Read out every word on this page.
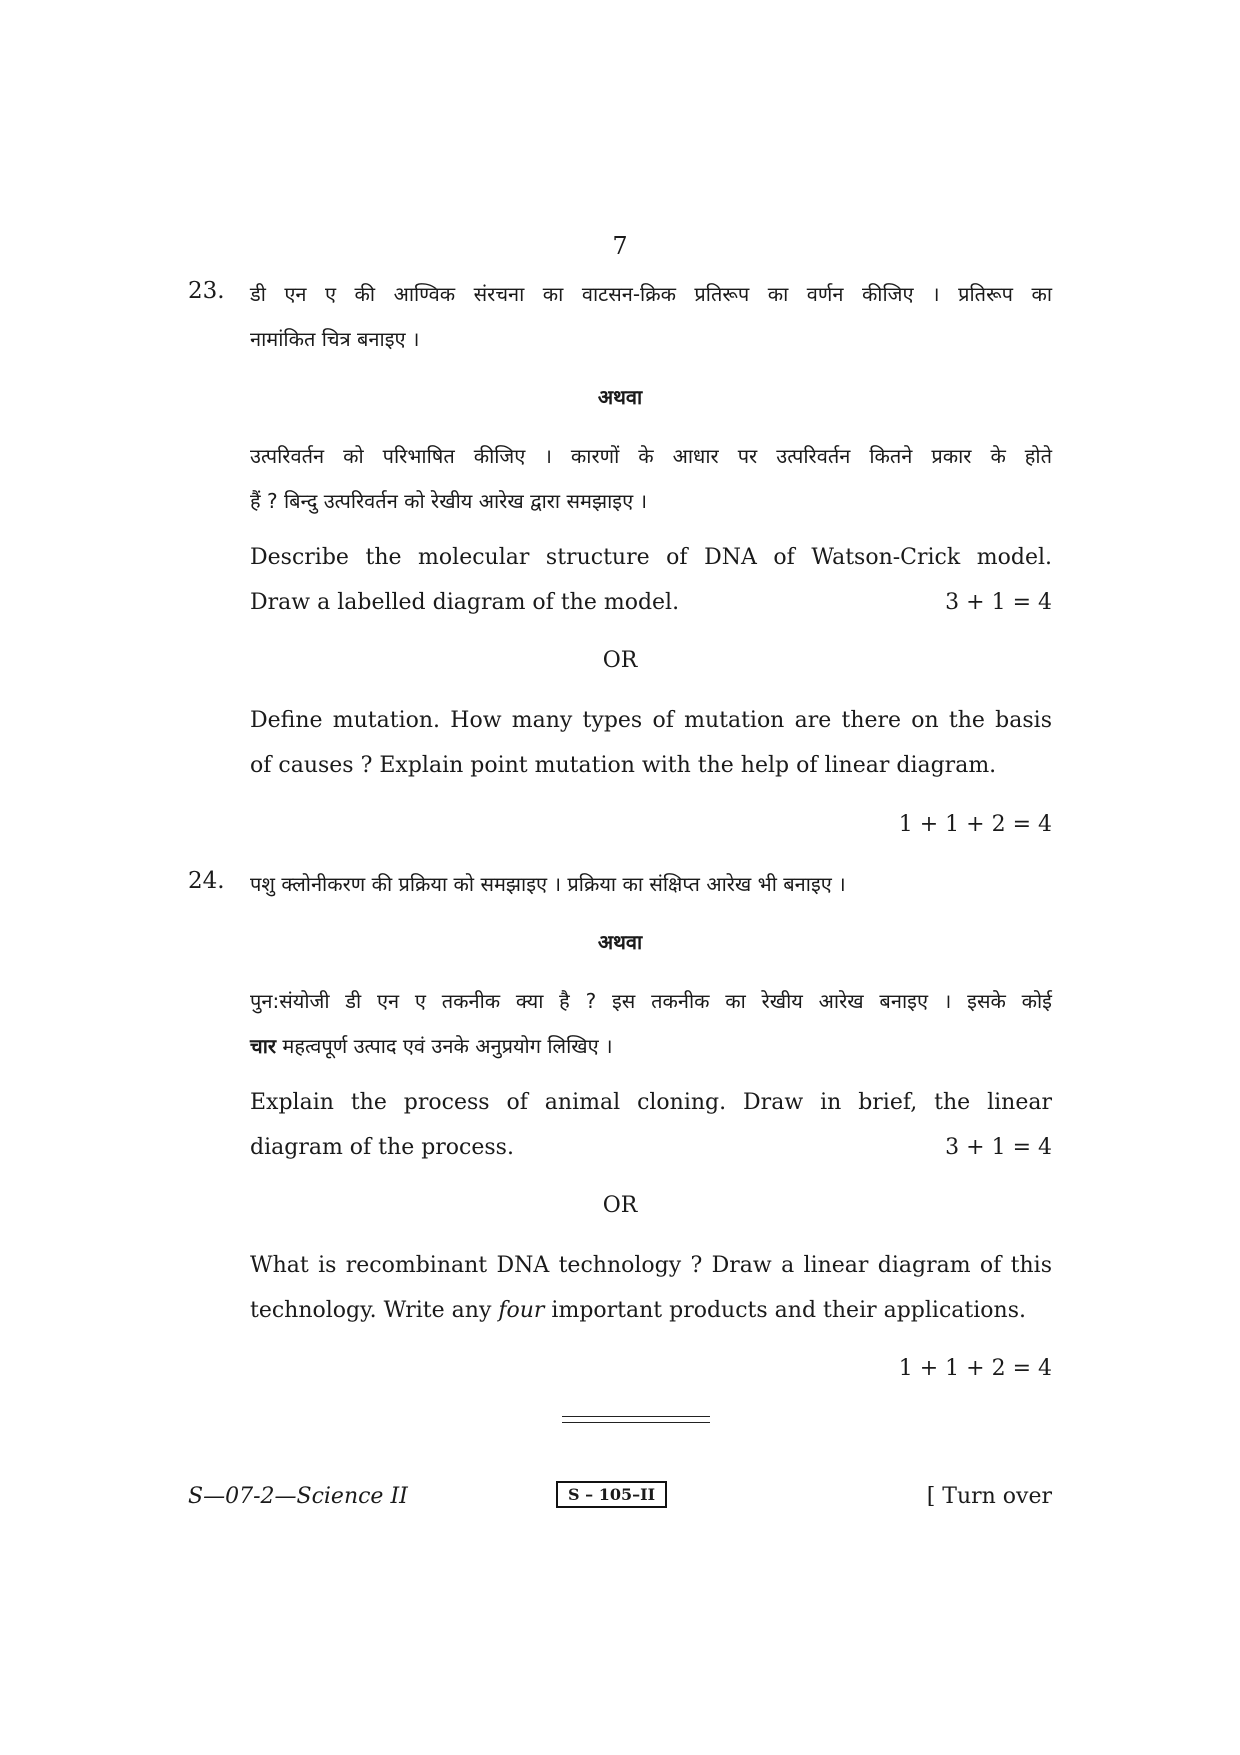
7
23. डी एन ए की आण्विक संरचना का वाटसन-क्रिक प्रतिरूप का वर्णन कीजिए । प्रतिरूप का
नामांकित चित्र बनाइए ।
अथवा
उत्परिवर्तन को परिभाषित कीजिए । कारणों के आधार पर उत्परिवर्तन कितने प्रकार के होते
हैं ? बिन्दु उत्परिवर्तन को रेखीय आरेख द्वारा समझाइए ।
Describe the molecular structure of DNA of Watson-Crick model.
Draw a labelled diagram of the model.	3 + 1 = 4
OR
Define mutation. How many types of mutation are there on the basis
of causes ? Explain point mutation with the help of linear diagram.
1 + 1 + 2 = 4
24. पशु क्लोनीकरण की प्रक्रिया को समझाइए । प्रक्रिया का संक्षिप्त आरेख भी बनाइए ।
अथवा
पुन:संयोजी डी एन ए तकनीक क्या है ? इस तकनीक का रेखीय आरेख बनाइए । इसके कोई
चार महत्वपूर्ण उत्पाद एवं उनके अनुप्रयोग लिखिए ।
Explain the process of animal cloning. Draw in brief, the linear
diagram of the process.	3 + 1 = 4
OR
What is recombinant DNA technology ? Draw a linear diagram of this
technology. Write any four important products and their applications.
1 + 1 + 2 = 4
S—07-2—Science II	S – 105–II	[ Turn over
